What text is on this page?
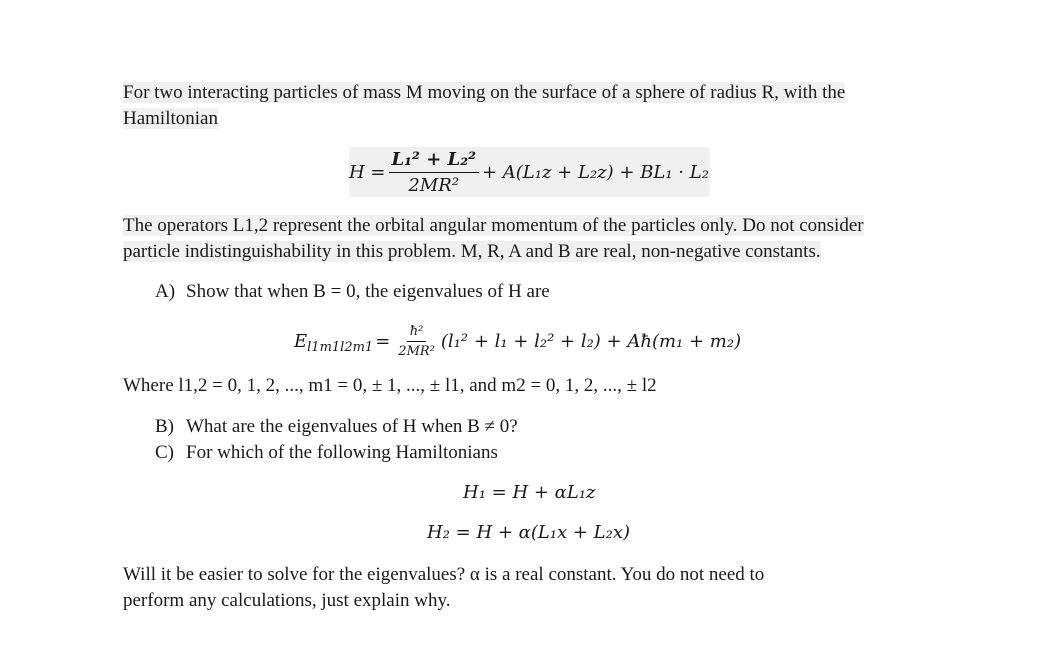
For two interacting particles of mass M moving on the surface of a sphere of radius R, with the
Hamiltonian
$H = \frac{\text{L₁² + L₂²}}{\text{2MR²}} + A(L_1z + L_2z) + BL_1 \cdot L_2$
The operators L1,2 represent the orbital angular momentum of the particles only. Do not consider
particle indistinguishability in this problem. M, R, A and B are real, non-negative constants.
A) Show that when B = 0, the eigenvalues of H are
E $l1m1l2m1 = \frac{\text{ħ²}}{\text{2MR²}} (l_1^2 + l_1 + l_2^2 + l_2)$ + Aħ(m₁ + m₂)
Where l1,2 = 0, 1, 2, ..., m1 = 0, ± 1, ..., ± l1, and m2 = 0, 1, 2, ..., ± l2
B) What are the eigenvalues of H when B ≠ 0?
C) For which of the following Hamiltonians
H₁ = H + αL₁z
H₂ = H + α(L₁x + L₂x)
Will it be easier to solve for the eigenvalues? α is a real constant. You do not need to
perform any calculations, just explain why.
